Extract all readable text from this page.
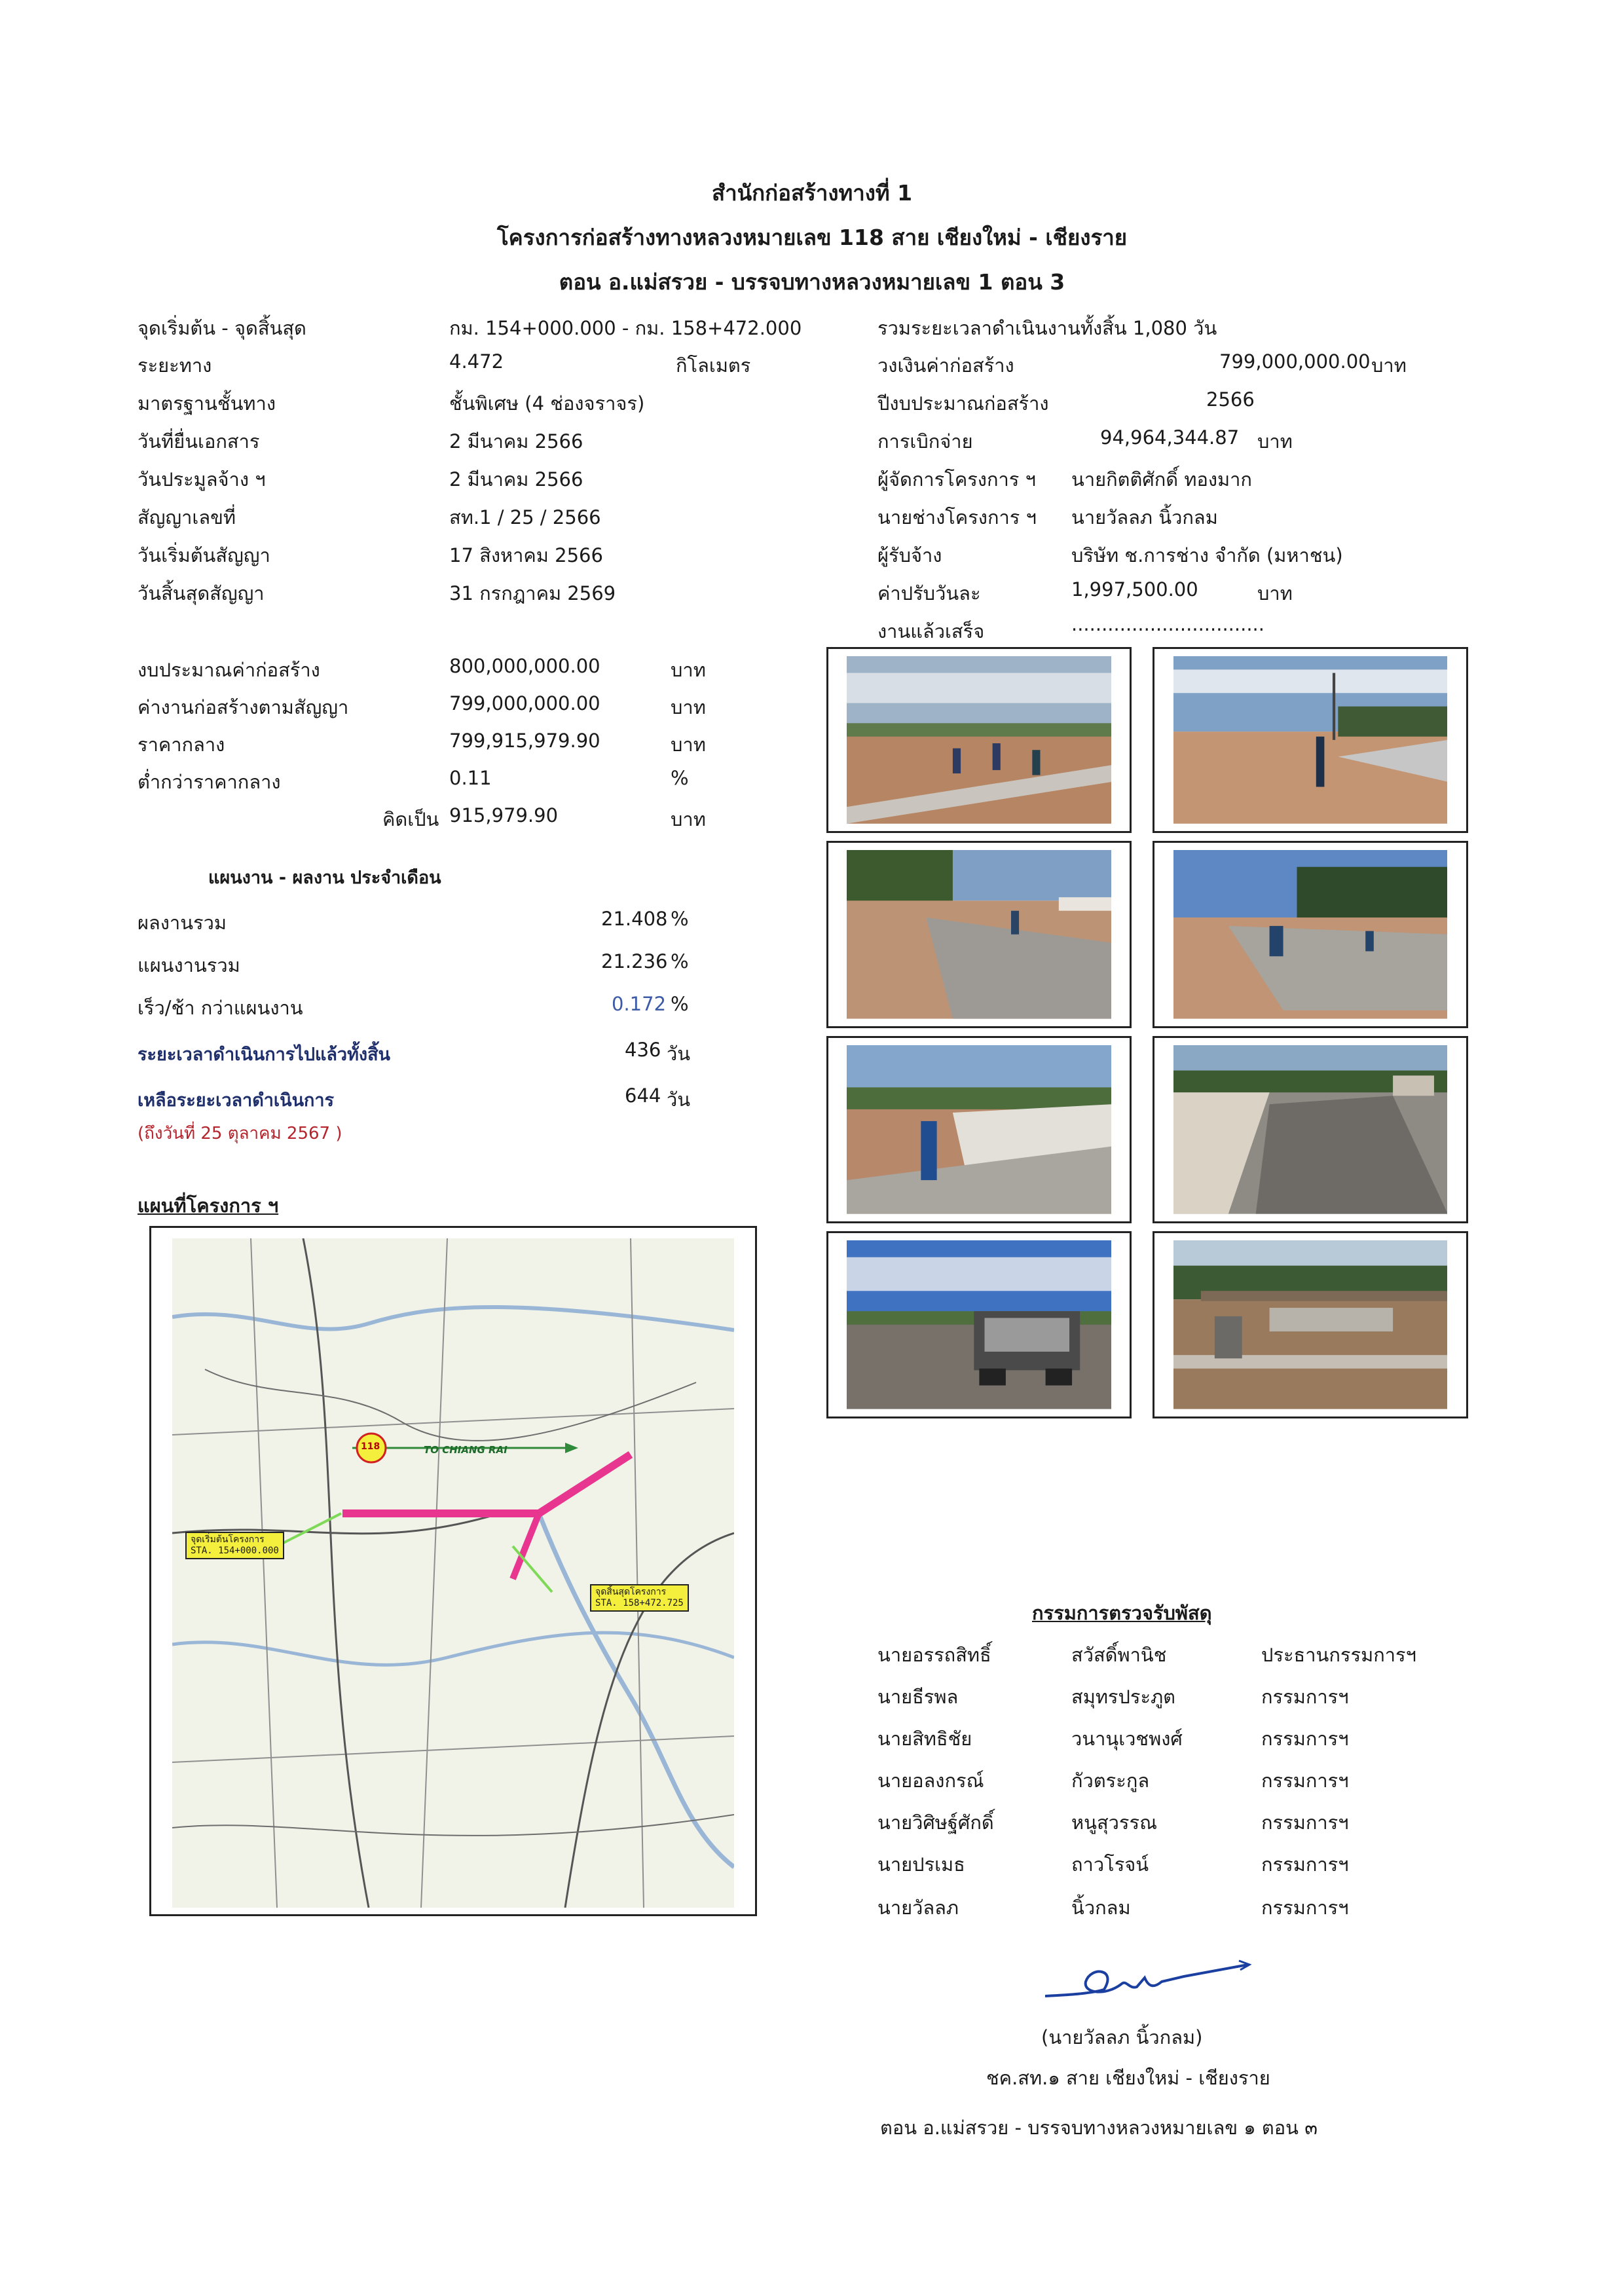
สำนักก่อสร้างทางที่ 1
โครงการก่อสร้างทางหลวงหมายเลข 118 สาย เชียงใหม่ - เชียงราย
ตอน อ.แม่สรวย - บรรจบทางหลวงหมายเลข 1 ตอน 3
จุดเริ่มต้น - จุดสิ้นสุด	กม. 154+000.000 - กม. 158+472.000
ระยะทาง	4.472	กิโลเมตร
มาตรฐานชั้นทาง	ชั้นพิเศษ (4 ช่องจราจร)
วันที่ยื่นเอกสาร	2 มีนาคม 2566
วันประมูลจ้าง ฯ	2 มีนาคม 2566
สัญญาเลขที่	สท.1 / 25 / 2566
วันเริ่มต้นสัญญา	17 สิงหาคม 2566
วันสิ้นสุดสัญญา	31 กรกฎาคม 2569
รวมระยะเวลาดำเนินงานทั้งสิ้น 1,080 วัน
วงเงินค่าก่อสร้าง	799,000,000.00 บาท
ปีงบประมาณก่อสร้าง	2566
การเบิกจ่าย	94,964,344.87 บาท
ผู้จัดการโครงการ ฯ นายกิตติศักดิ์ ทองมาก
นายช่างโครงการ ฯ นายวัลลภ นิ้วกลม
ผู้รับจ้าง	บริษัท ช.การช่าง จำกัด (มหาชน)
ค่าปรับวันละ	1,997,500.00	บาท
งานแล้วเสร็จ	................................
งบประมาณค่าก่อสร้าง	800,000,000.00	บาท
ค่างานก่อสร้างตามสัญญา	799,000,000.00	บาท
ราคากลาง	799,915,979.90	บาท
ต่ำกว่าราคากลาง	0.11	%
คิดเป็น 915,979.90	บาท
แผนงาน - ผลงาน ประจำเดือน
ผลงานรวม	21.408 %
แผนงานรวม	21.236 %
เร็ว/ช้า กว่าแผนงาน	0.172 %
ระยะเวลาดำเนินการไปแล้วทั้งสิ้น	436 วัน
เหลือระยะเวลาดำเนินการ	644 วัน
(ถึงวันที่ 25 ตุลาคม 2567 )
แผนที่โครงการ ฯ
TO CHIANG RAI
118
จุดเริ่มต้นโครงการ
STA. 154+000.000
จุดสิ้นสุดโครงการ
STA. 158+472.725	กรรมการตรวจรับพัสดุ
นายอรรถสิทธิ์	สวัสดิ์พานิช	ประธานกรรมการฯ
นายธีรพล	สมุทรประภูต	กรรมการฯ
นายสิทธิชัย	วนานุเวชพงศ์	กรรมการฯ
นายอลงกรณ์	กัวตระกูล	กรรมการฯ
นายวิศิษฐ์ศักดิ์	หนูสุวรรณ	กรรมการฯ
นายปรเมธ	ถาวโรจน์	กรรมการฯ
นายวัลลภ	นิ้วกลม	กรรมการฯ
(นายวัลลภ นิ้วกลม)
ชค.สท.๑ สาย เชียงใหม่ - เชียงราย
ตอน อ.แม่สรวย - บรรจบทางหลวงหมายเลข ๑ ตอน ๓
